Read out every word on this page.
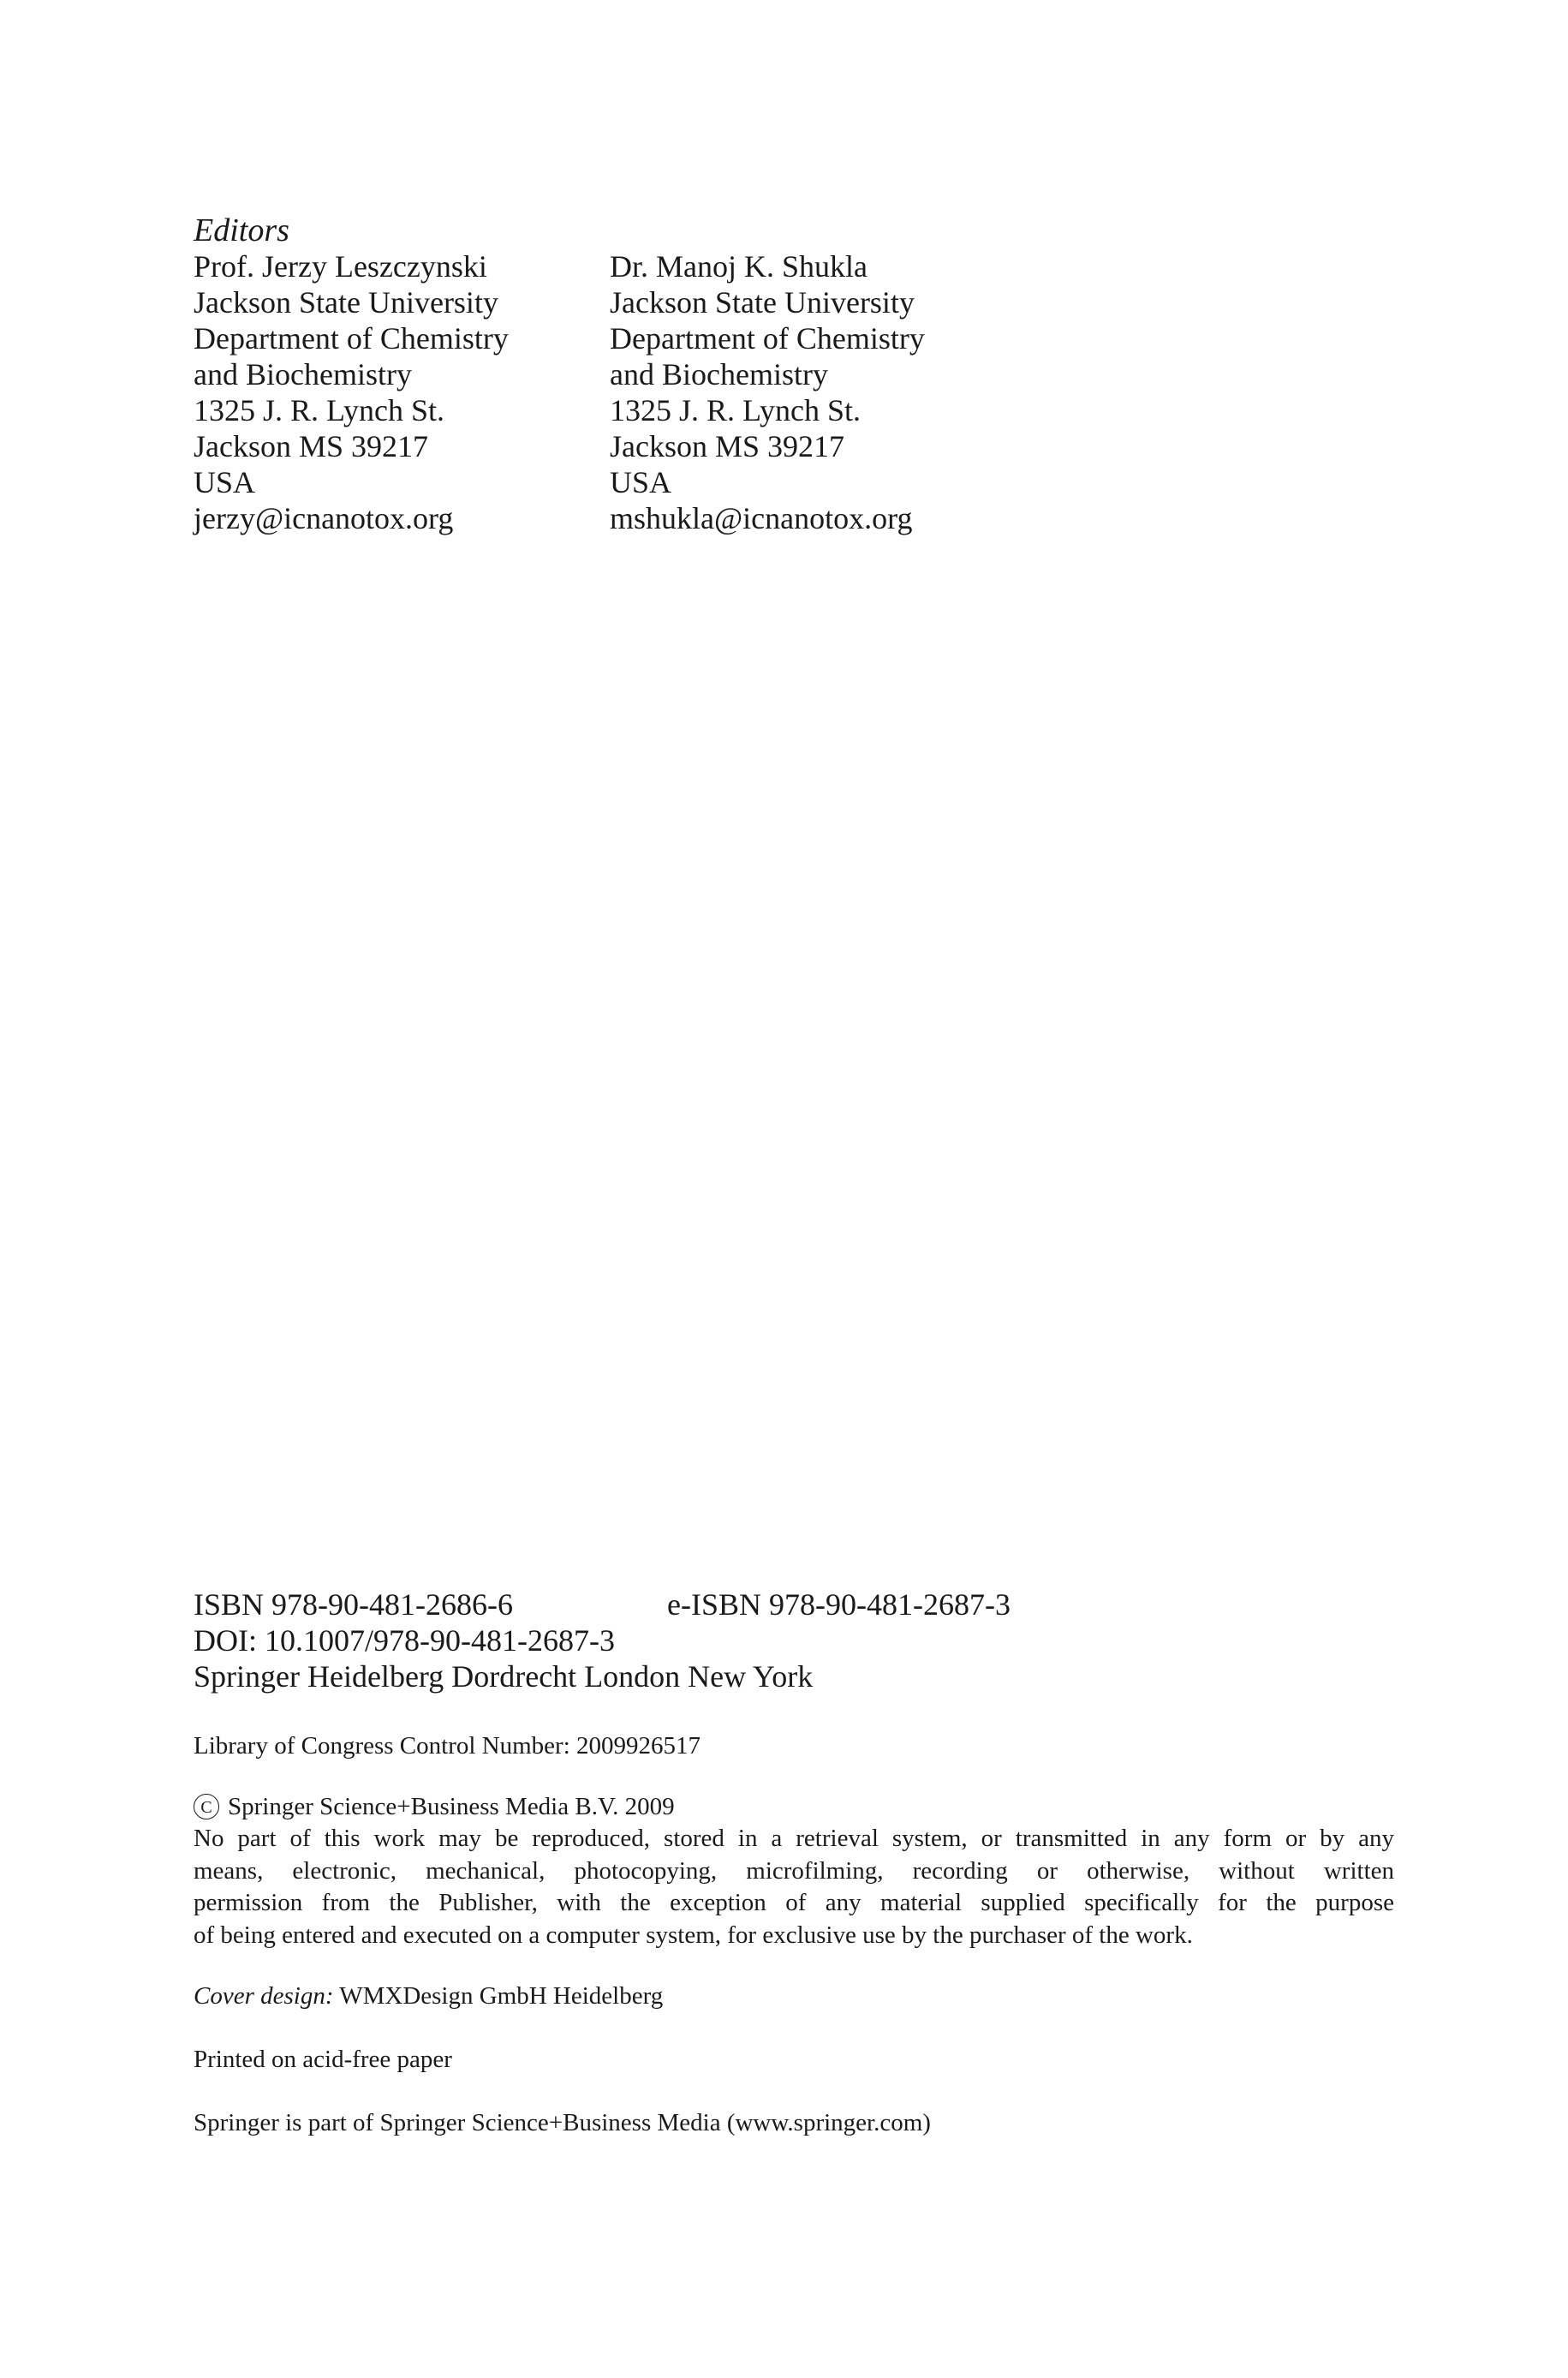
Editors
Prof. Jerzy Leszczynski
Jackson State University
Department of Chemistry
and Biochemistry
1325 J. R. Lynch St.
Jackson MS 39217
USA
jerzy@icnanotox.org
Dr. Manoj K. Shukla
Jackson State University
Department of Chemistry
and Biochemistry
1325 J. R. Lynch St.
Jackson MS 39217
USA
mshukla@icnanotox.org
ISBN 978-90-481-2686-6	e-ISBN 978-90-481-2687-3
DOI: 10.1007/978-90-481-2687-3
Springer Heidelberg Dordrecht London New York
Library of Congress Control Number: 2009926517
C Springer Science+Business Media B.V. 2009
No part of this work may be reproduced, stored in a retrieval system, or transmitted in any form or by any
means, electronic, mechanical, photocopying, microfilming, recording or otherwise, without written
permission from the Publisher, with the exception of any material supplied specifically for the purpose
of being entered and executed on a computer system, for exclusive use by the purchaser of the work.
Cover design: WMXDesign GmbH Heidelberg
Printed on acid-free paper
Springer is part of Springer Science+Business Media (www.springer.com)
